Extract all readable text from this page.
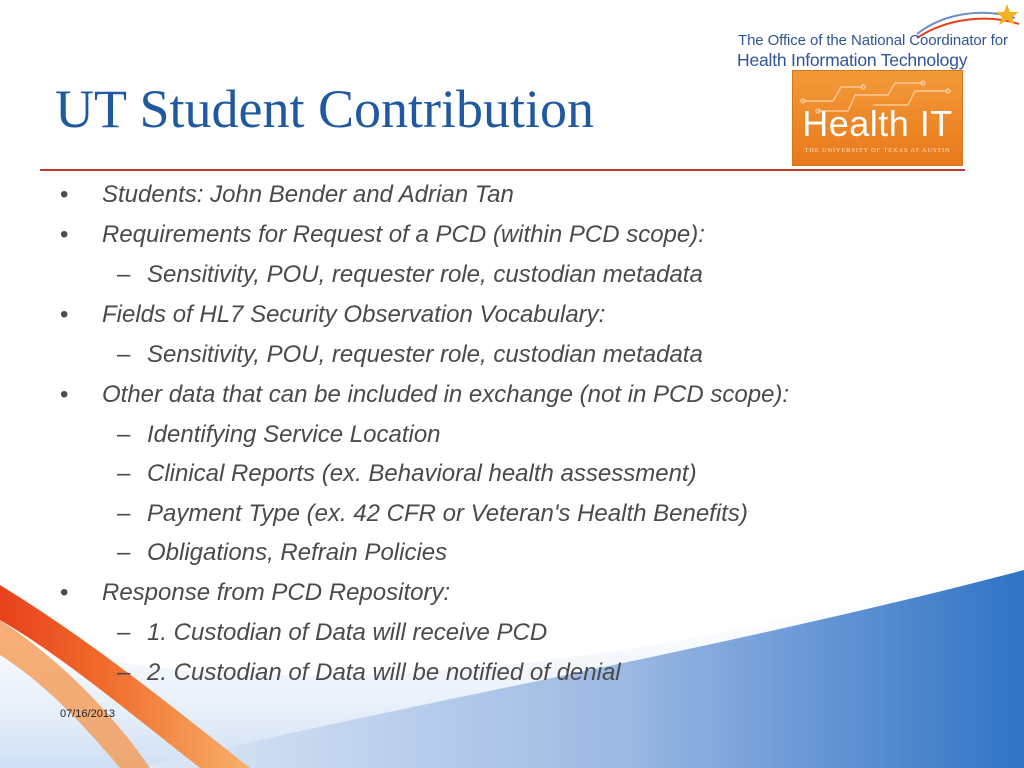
The Office of the National Coordinator for
Health Information Technology
Health IT
THE UNIVERSITY OF TEXAS AT AUSTIN
UT Student Contribution
• Students: John Bender and Adrian Tan
• Requirements for Request of a PCD (within PCD scope):
– Sensitivity, POU, requester role, custodian metadata
• Fields of HL7 Security Observation Vocabulary:
– Sensitivity, POU, requester role, custodian metadata
• Other data that can be included in exchange (not in PCD scope):
– Identifying Service Location
– Clinical Reports (ex. Behavioral health assessment)
– Payment Type (ex. 42 CFR or Veteran's Health Benefits)
– Obligations, Refrain Policies
• Response from PCD Repository:
– 1. Custodian of Data will receive PCD
– 2. Custodian of Data will be notified of denial
07/16/2013
